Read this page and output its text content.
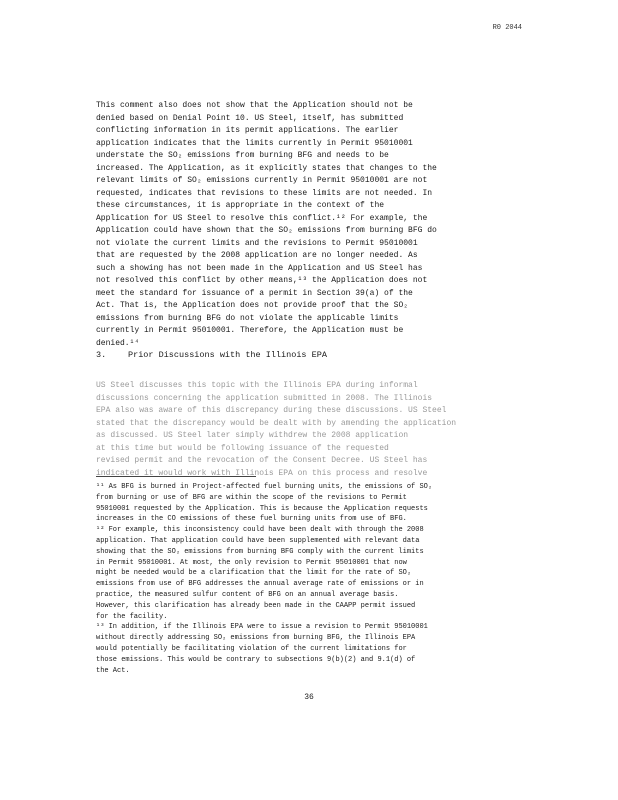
R0 2044

This comment also does not show that the Application should not be

denied based on Denial Point 10. US Steel, itself, has submitted

conflicting information in its permit applications. The earlier

application indicates that the limits currently in Permit 95010001

understate the SO₂ emissions from burning BFG and needs to be

increased. The Application, as it explicitly states that changes to the

relevant limits of SO₂ emissions currently in Permit 95010001 are not

requested, indicates that revisions to these limits are not needed. In

these circumstances, it is appropriate in the context of the

Application for US Steel to resolve this conflict.¹² For example, the

Application could have shown that the SO₂ emissions from burning BFG do

not violate the current limits and the revisions to Permit 95010001

that are requested by the 2008 application are no longer needed. As

such a showing has not been made in the Application and US Steel has

not resolved this conflict by other means,¹³ the Application does not

meet the standard for issuance of a permit in Section 39(a) of the

Act. That is, the Application does not provide proof that the SO₂

emissions from burning BFG do not violate the applicable limits

currently in Permit 95010001. Therefore, the Application must be

denied.¹⁴

3.	Prior Discussions with the Illinois EPA

US Steel discusses this topic with the Illinois EPA during informal

discussions concerning the application submitted in 2008. The Illinois

EPA also was aware of this discrepancy during these discussions. US Steel

stated that the discrepancy would be dealt with by amending the application

as discussed. US Steel later simply withdrew the 2008 application

at this time but would be following issuance of the requested

revised permit and the revocation of the Consent Decree. US Steel has

indicated it would work with Illinois EPA on this process and resolve

¹¹ As BFG is burned in Project-affected fuel burning units, the emissions of SO₂

from burning or use of BFG are within the scope of the revisions to Permit

95010001 requested by the Application. This is because the Application requests

increases in the CO emissions of these fuel burning units from use of BFG.

¹² For example, this inconsistency could have been dealt with through the 2008

application. That application could have been supplemented with relevant data

showing that the SO₂ emissions from burning BFG comply with the current limits

in Permit 95010001. At most, the only revision to Permit 95010001 that now

might be needed would be a clarification that the limit for the rate of SO₂

emissions from use of BFG addresses the annual average rate of emissions or in

practice, the measured sulfur content of BFG on an annual average basis.

However, this clarification has already been made in the CAAPP permit issued

for the facility.

¹³ In addition, if the Illinois EPA were to issue a revision to Permit 95010001

without directly addressing SO₂ emissions from burning BFG, the Illinois EPA

would potentially be facilitating violation of the current limitations for

those emissions. This would be contrary to subsections 9(b)(2) and 9.1(d) of

the Act.

36
